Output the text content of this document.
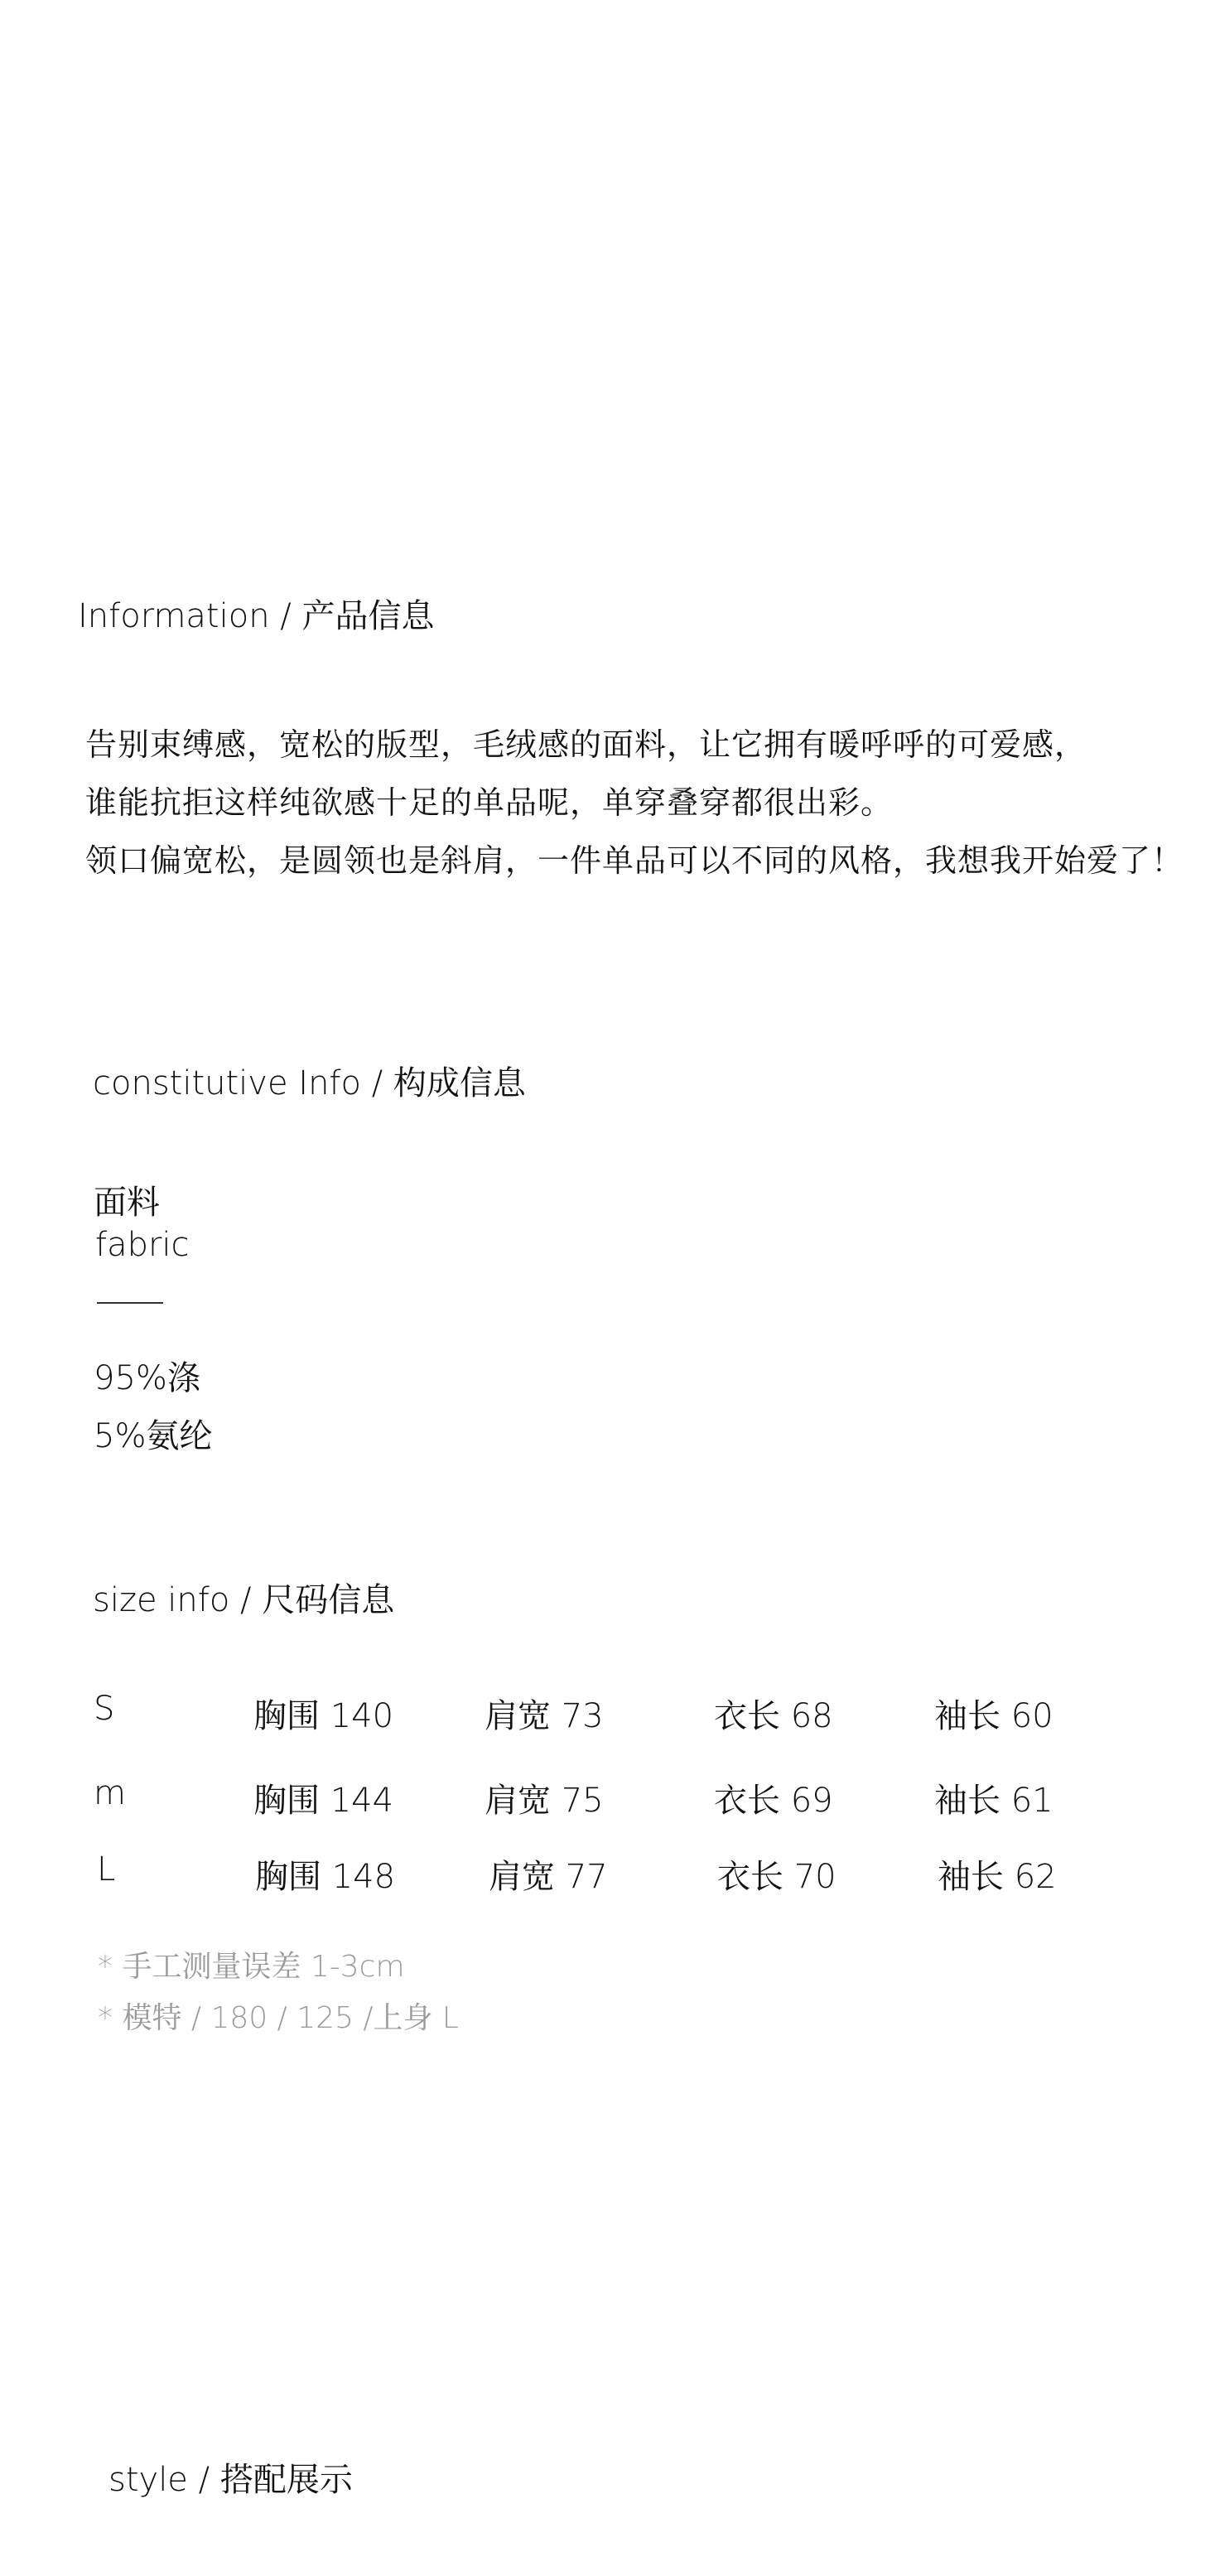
Information / 产品信息
告别束缚感，宽松的版型，毛绒感的面料，让它拥有暖呼呼的可爱感，
谁能抗拒这样纯欲感十足的单品呢，单穿叠穿都很出彩。
领口偏宽松，是圆领也是斜肩，一件单品可以不同的风格，我想我开始爱了！
constitutive Info / 构成信息
面料
fabric
95%涤
5%氨纶
size info / 尺码信息
S	胸围 140	肩宽 73	衣长 68	袖长 60
m	胸围 144	肩宽 75	衣长 69	袖长 61
L	胸围 148	肩宽 77	衣长 70	袖长 62
* 手工测量误差 1-3cm
* 模特 / 180 / 125 /上身 L
style / 搭配展示
